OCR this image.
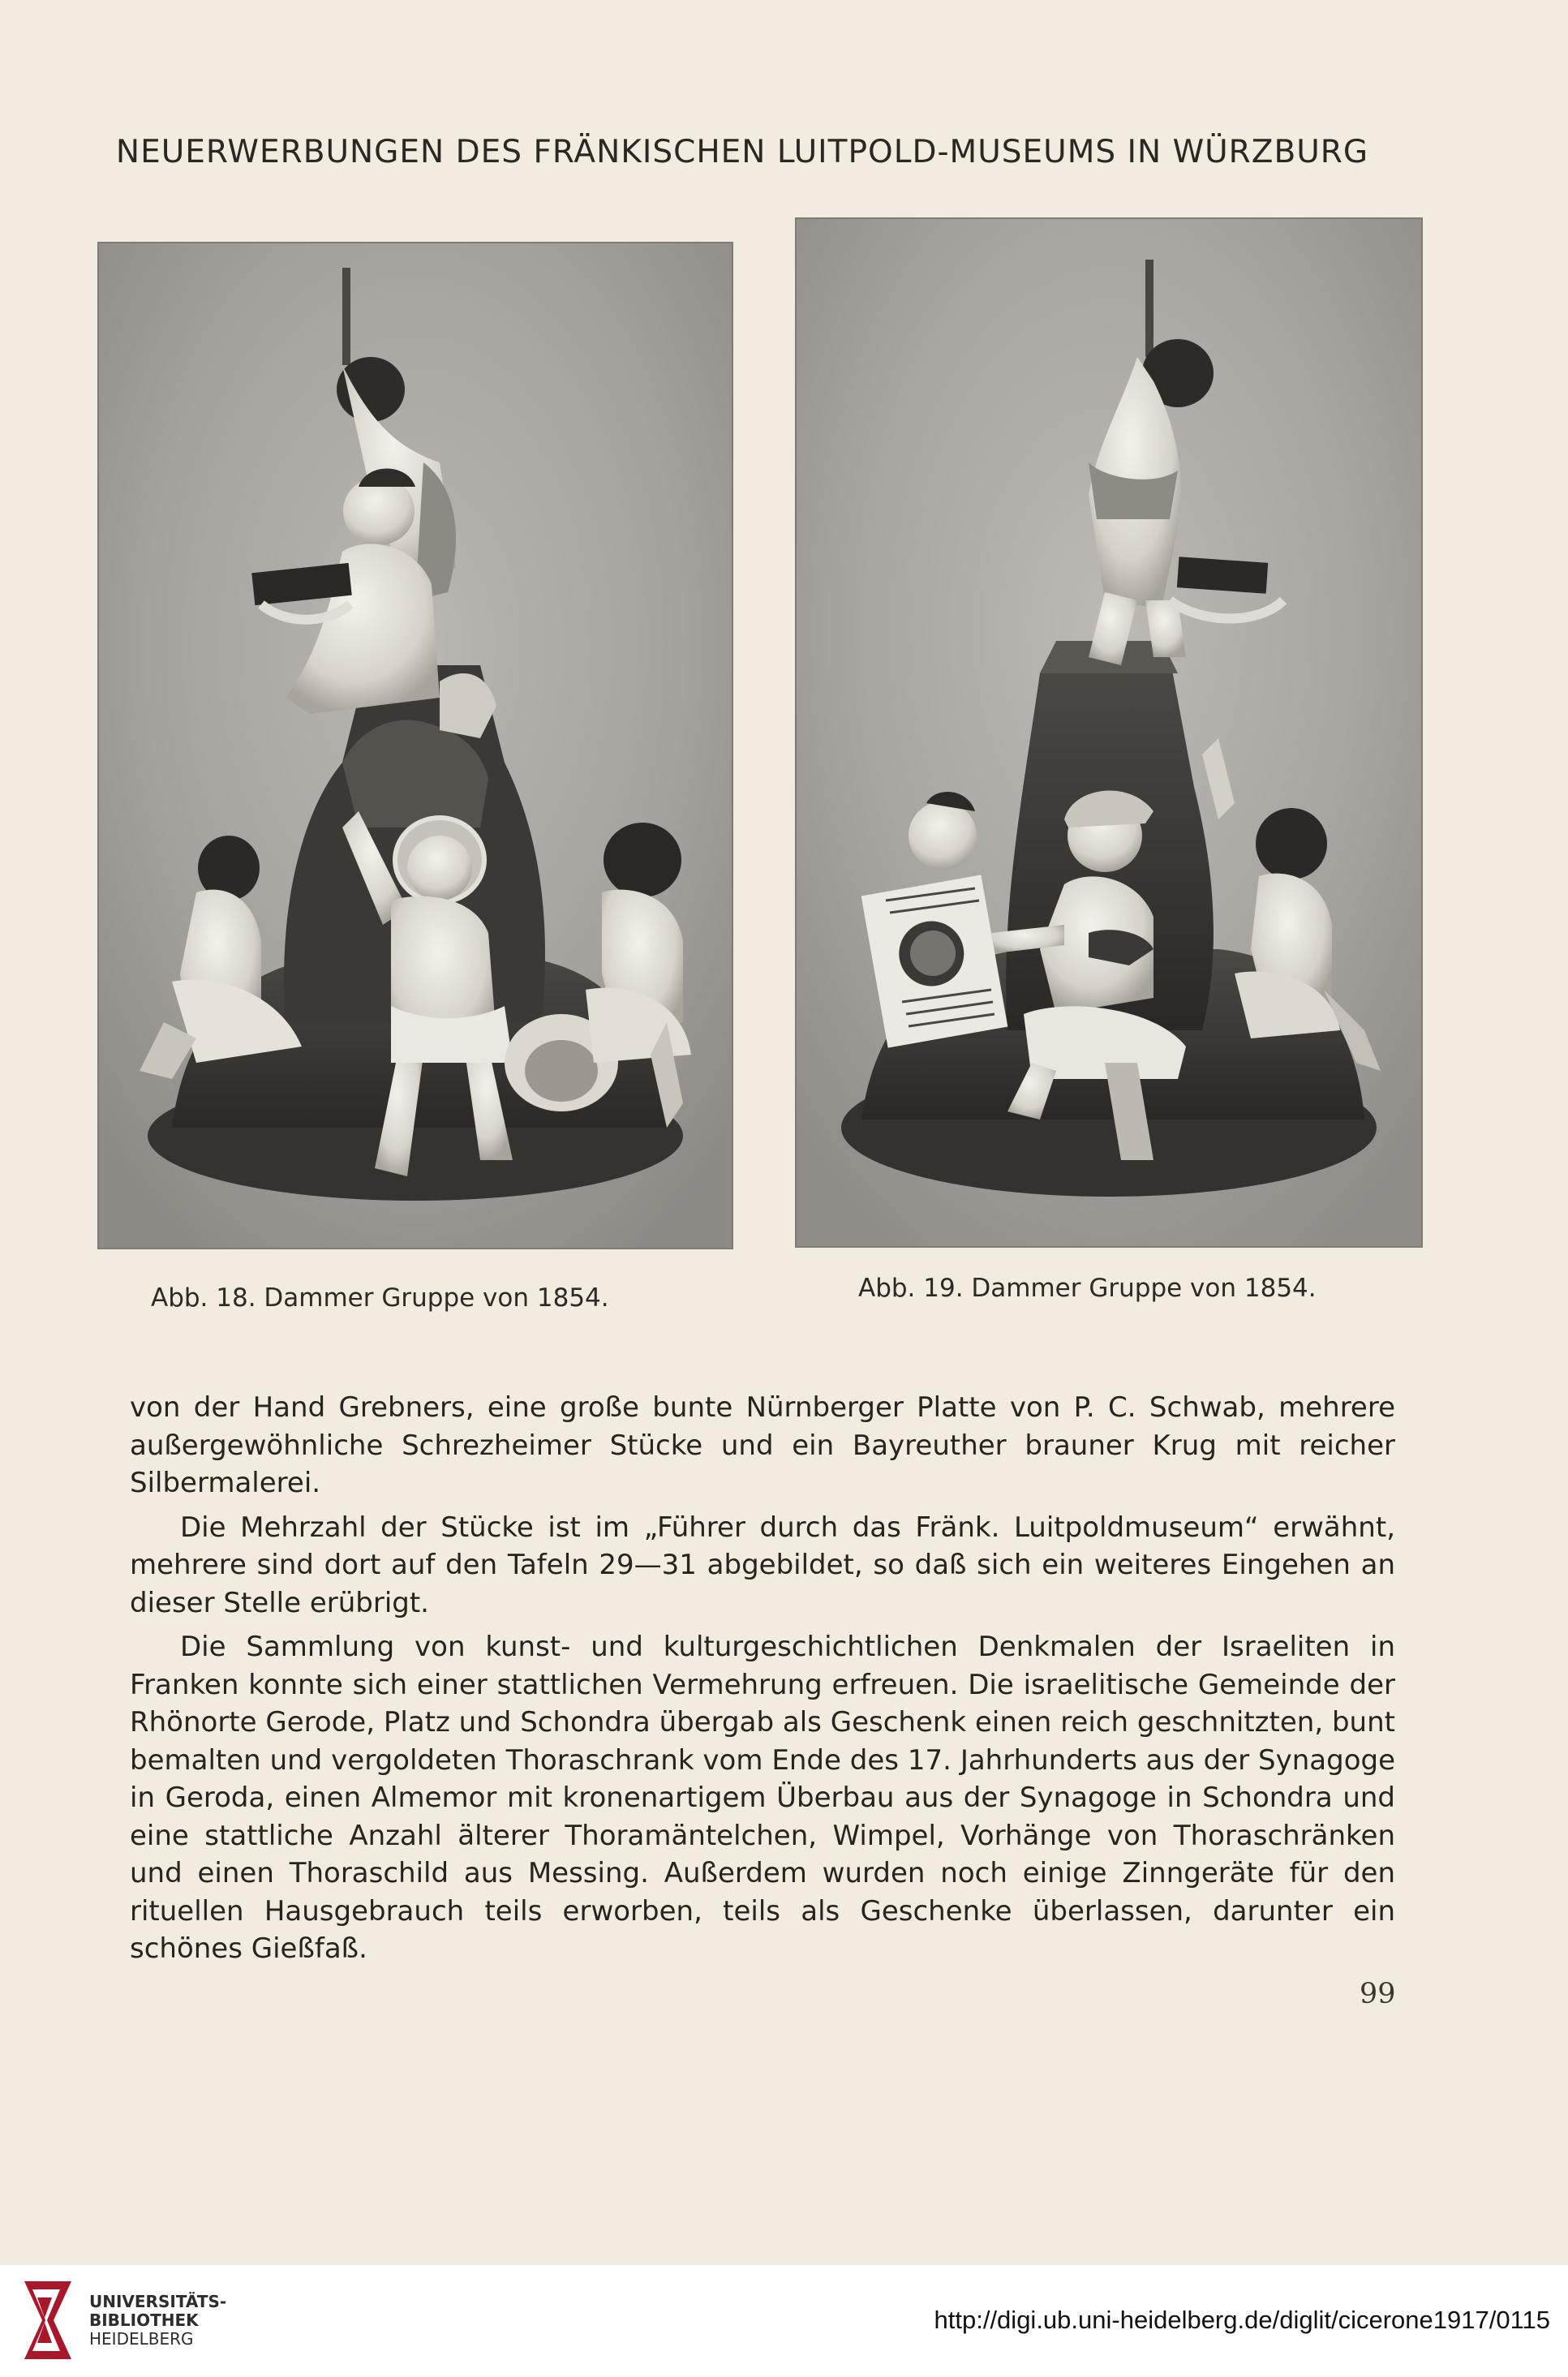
NEUERWERBUNGEN DES FRÄNKISCHEN LUITPOLD-MUSEUMS IN WÜRZBURG
Abb. 18. Dammer Gruppe von 1854.	Abb. 19. Dammer Gruppe von 1854.

von der Hand Grebners, eine große bunte Nürnberger Platte von P. C. Schwab, mehrere außergewöhnliche Schrezheimer Stücke und ein Bayreuther brauner Krug mit reicher Silbermalerei.

Die Mehrzahl der Stücke ist im „Führer durch das Fränk. Luitpoldmuseum“ erwähnt, mehrere sind dort auf den Tafeln 29—31 abgebildet, so daß sich ein weiteres Eingehen an dieser Stelle erübrigt.

Die Sammlung von kunst- und kulturgeschichtlichen Denkmalen der Israeliten in Franken konnte sich einer stattlichen Vermehrung erfreuen. Die israelitische Gemeinde der Rhönorte Gerode, Platz und Schondra übergab als Geschenk einen reich geschnitzten, bunt bemalten und vergoldeten Thoraschrank vom Ende des 17. Jahrhunderts aus der Synagoge in Geroda, einen Almemor mit kronenartigem Überbau aus der Synagoge in Schondra und eine stattliche Anzahl älterer Thoramäntelchen, Wimpel, Vorhänge von Thoraschränken und einen Thoraschild aus Messing. Außerdem wurden noch einige Zinngeräte für den rituellen Hausgebrauch teils erworben, teils als Geschenke überlassen, darunter ein schönes Gießfaß.

99
UNIVERSITÄTS-
BIBLIOTHEK
HEIDELBERG
http://digi.ub.uni-heidelberg.de/diglit/cicerone1917/0115
